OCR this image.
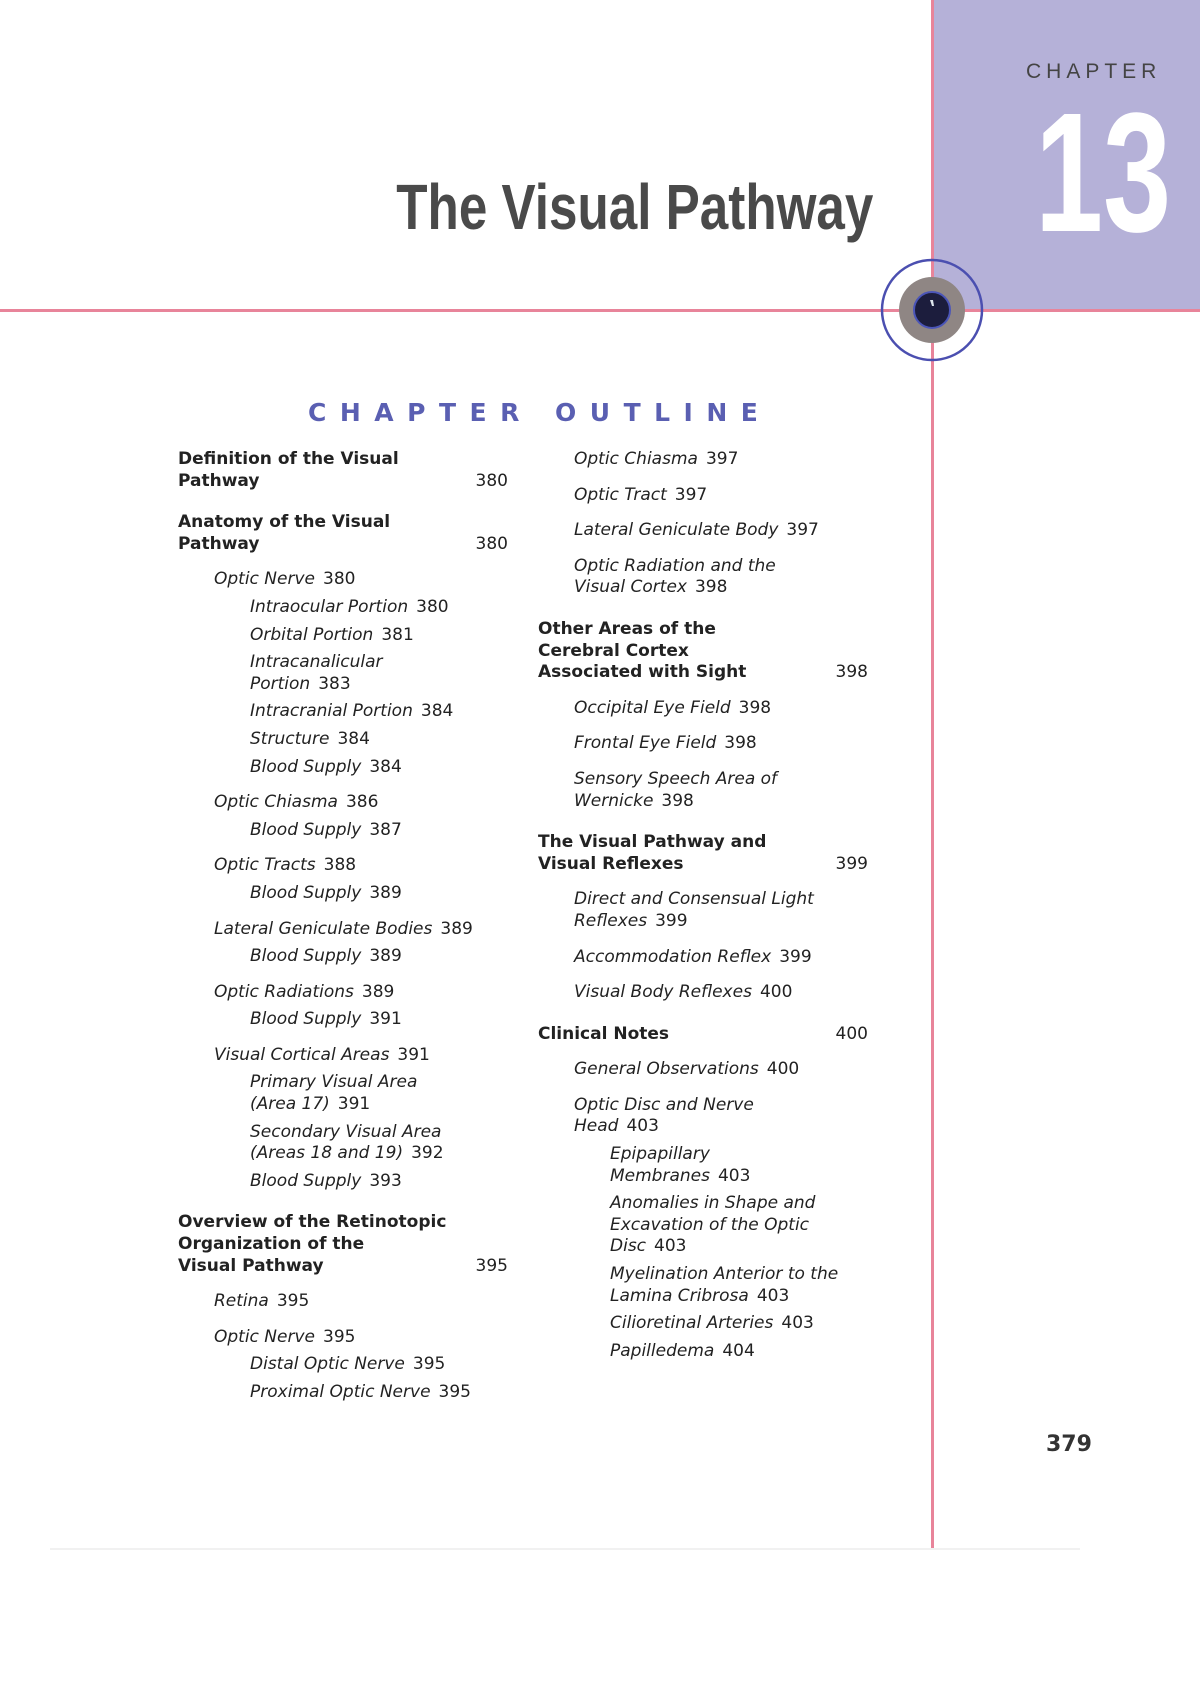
CHAPTER
13
The Visual Pathway
CHAPTER OUTLINE
Definition of the Visual
Pathway	380
Anatomy of the Visual
Pathway	380
Optic Nerve 380
Intraocular Portion 380
Orbital Portion 381
Intracanalicular
Portion 383
Intracranial Portion 384
Structure 384
Blood Supply 384
Optic Chiasma 386
Blood Supply 387
Optic Tracts 388
Blood Supply 389
Lateral Geniculate Bodies 389
Blood Supply 389
Optic Radiations 389
Blood Supply 391
Visual Cortical Areas 391
Primary Visual Area
(Area 17) 391
Secondary Visual Area
(Areas 18 and 19) 392
Blood Supply 393
Overview of the Retinotopic
Organization of the
Visual Pathway	395
Retina 395
Optic Nerve 395
Distal Optic Nerve 395
Proximal Optic Nerve 395
Optic Chiasma 397
Optic Tract 397
Lateral Geniculate Body 397
Optic Radiation and the
Visual Cortex 398
Other Areas of the
Cerebral Cortex
Associated with Sight	398
Occipital Eye Field 398
Frontal Eye Field 398
Sensory Speech Area of
Wernicke 398
The Visual Pathway and
Visual Reflexes	399
Direct and Consensual Light
Reflexes 399
Accommodation Reflex 399
Visual Body Reflexes 400
Clinical Notes	400
General Observations 400
Optic Disc and Nerve
Head 403
Epipapillary
Membranes 403
Anomalies in Shape and
Excavation of the Optic
Disc 403
Myelination Anterior to the
Lamina Cribrosa 403
Cilioretinal Arteries 403
Papilledema 404
379
